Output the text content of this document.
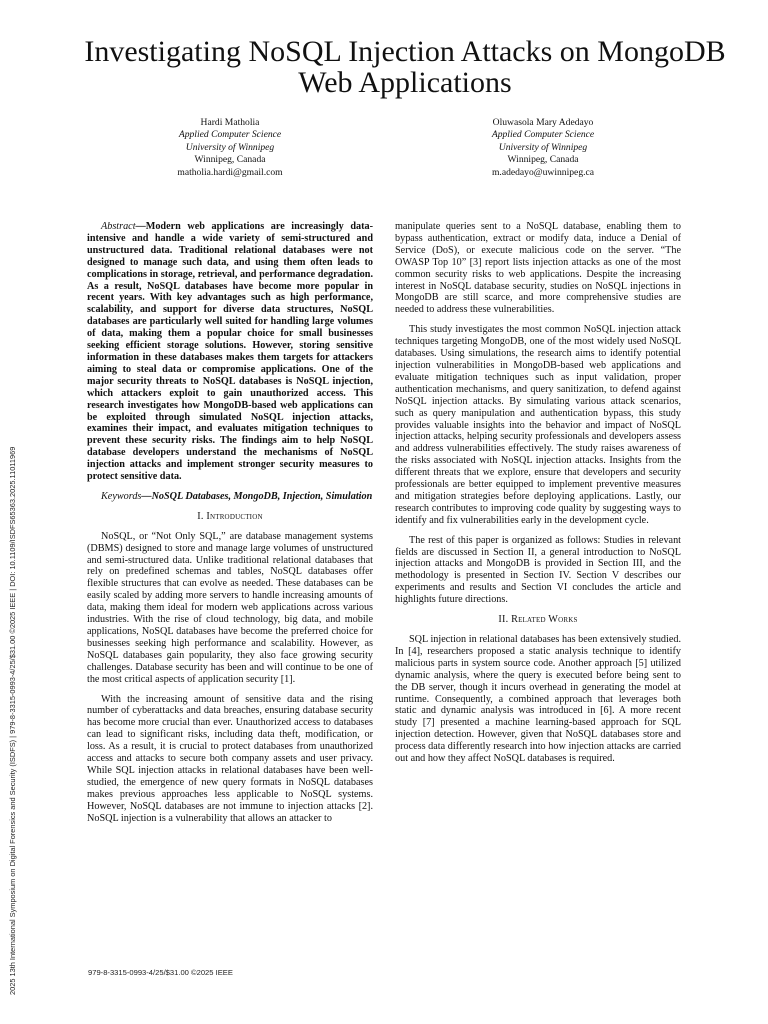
2025 13th International Symposium on Digital Forensics and Security (ISDFS) | 979-8-3315-0993-4/25/$31.00 ©2025 IEEE | DOI: 10.1109/ISDFS65363.2025.11011969
Investigating NoSQL Injection Attacks on MongoDB Web Applications
Hardi Matholia
Applied Computer Science
University of Winnipeg
Winnipeg, Canada
matholia.hardi@gmail.com
Oluwasola Mary Adedayo
Applied Computer Science
University of Winnipeg
Winnipeg, Canada
m.adedayo@uwinnipeg.ca

Abstract—Modern web applications are increasingly data-intensive and handle a wide variety of semi-structured and unstructured data. Traditional relational databases were not designed to manage such data, and using them often leads to complications in storage, retrieval, and performance degradation. As a result, NoSQL databases have become more popular in recent years. With key advantages such as high performance, scalability, and support for diverse data structures, NoSQL databases are particularly well suited for handling large volumes of data, making them a popular choice for small businesses seeking efficient storage solutions. However, storing sensitive information in these databases makes them targets for attackers aiming to steal data or compromise applications. One of the major security threats to NoSQL databases is NoSQL injection, which attackers exploit to gain unauthorized access. This research investigates how MongoDB-based web applications can be exploited through simulated NoSQL injection attacks, examines their impact, and evaluates mitigation techniques to prevent these security risks. The findings aim to help NoSQL database developers understand the mechanisms of NoSQL injection attacks and implement stronger security measures to protect sensitive data.

Keywords—NoSQL Databases, MongoDB, Injection, Simulation

I. Introduction

NoSQL, or “Not Only SQL,” are database management systems (DBMS) designed to store and manage large volumes of unstructured and semi-structured data. Unlike traditional relational databases that rely on predefined schemas and tables, NoSQL databases offer flexible structures that can evolve as needed. These databases can be easily scaled by adding more servers to handle increasing amounts of data, making them ideal for modern web applications across various industries. With the rise of cloud technology, big data, and mobile applications, NoSQL databases have become the preferred choice for businesses seeking high performance and scalability. However, as NoSQL databases gain popularity, they also face growing security challenges. Database security has been and will continue to be one of the most critical aspects of application security [1].

With the increasing amount of sensitive data and the rising number of cyberattacks and data breaches, ensuring database security has become more crucial than ever. Unauthorized access to databases can lead to significant risks, including data theft, modification, or loss. As a result, it is crucial to protect databases from unauthorized access and attacks to secure both company assets and user privacy. While SQL injection attacks in relational databases have been well-studied, the emergence of new query formats in NoSQL databases makes previous approaches less applicable to NoSQL systems. However, NoSQL databases are not immune to injection attacks [2]. NoSQL injection is a vulnerability that allows an attacker to

manipulate queries sent to a NoSQL database, enabling them to bypass authentication, extract or modify data, induce a Denial of Service (DoS), or execute malicious code on the server. “The OWASP Top 10” [3] report lists injection attacks as one of the most common security risks to web applications. Despite the increasing interest in NoSQL database security, studies on NoSQL injections in MongoDB are still scarce, and more comprehensive studies are needed to address these vulnerabilities.

This study investigates the most common NoSQL injection attack techniques targeting MongoDB, one of the most widely used NoSQL databases. Using simulations, the research aims to identify potential injection vulnerabilities in MongoDB-based web applications and evaluate mitigation techniques such as input validation, proper authentication mechanisms, and query sanitization, to defend against NoSQL injection attacks. By simulating various attack scenarios, such as query manipulation and authentication bypass, this study provides valuable insights into the behavior and impact of NoSQL injection attacks, helping security professionals and developers assess and address vulnerabilities effectively. The study raises awareness of the risks associated with NoSQL injection attacks. Insights from the different threats that we explore, ensure that developers and security professionals are better equipped to implement preventive measures and mitigation strategies before deploying applications. Lastly, our research contributes to improving code quality by suggesting ways to identify and fix vulnerabilities early in the development cycle.

The rest of this paper is organized as follows: Studies in relevant fields are discussed in Section II, a general introduction to NoSQL injection attacks and MongoDB is provided in Section III, and the methodology is presented in Section IV. Section V describes our experiments and results and Section VI concludes the article and highlights future directions.

II. Related Works

SQL injection in relational databases has been extensively studied. In [4], researchers proposed a static analysis technique to identify malicious parts in system source code. Another approach [5] utilized dynamic analysis, where the query is executed before being sent to the DB server, though it incurs overhead in generating the model at runtime. Consequently, a combined approach that leverages both static and dynamic analysis was introduced in [6]. A more recent study [7] presented a machine learning-based approach for SQL injection detection. However, given that NoSQL databases store and process data differently research into how injection attacks are carried out and how they affect NoSQL databases is required.

979-8-3315-0993-4/25/$31.00 ©2025 IEEE
